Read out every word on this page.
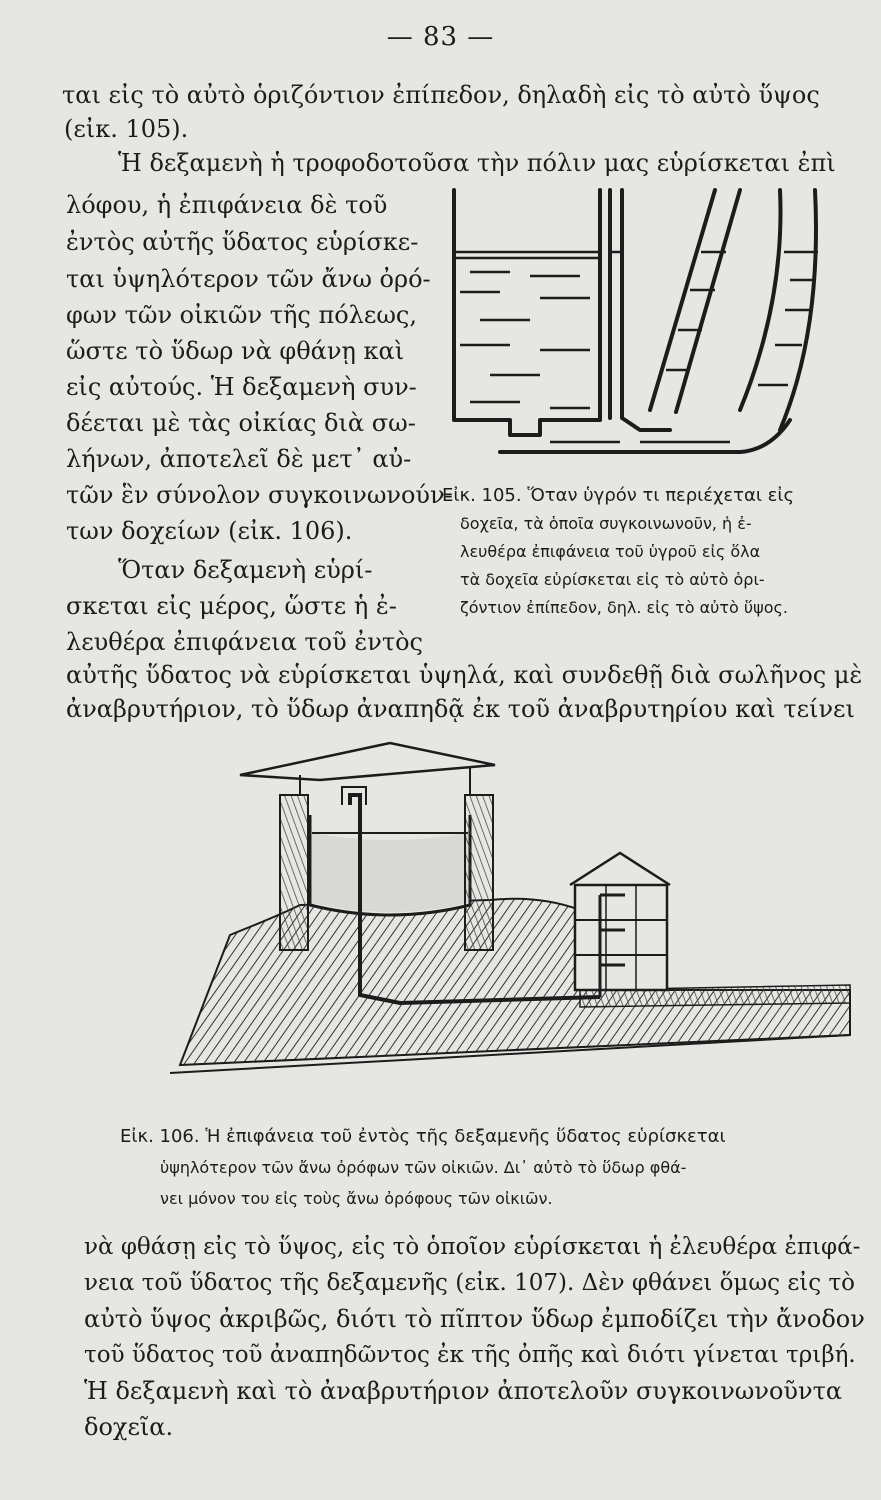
— 83 —
ται εἰς τὸ αὐτὸ ὁριζόντιον ἐπίπεδον, δηλαδὴ εἰς τὸ αὐτὸ ὕψος
(εἰκ. 105).
Ἡ δεξαμενὴ ἡ τροφοδοτοῦσα τὴν πόλιν μας εὑρίσκεται ἐπὶ
λόφου, ἡ ἐπιφάνεια δὲ τοῦ
ἐντὸς αὐτῆς ὕδατος εὑρίσκε-
ται ὑψηλότερον τῶν ἄνω ὀρό-
φων τῶν οἰκιῶν τῆς πόλεως,
ὥστε τὸ ὕδωρ νὰ φθάνῃ καὶ
εἰς αὐτούς. Ἡ δεξαμενὴ συν-
δέεται μὲ τὰς οἰκίας διὰ σω-
λήνων, ἀποτελεῖ δὲ μετ᾽ αὐ-
τῶν ἓν σύνολον συγκοινωνούν-
των δοχείων (εἰκ. 106).
Ὅταν δεξαμενὴ εὑρί-
σκεται εἰς μέρος, ὥστε ἡ ἐ-
λευθέρα ἐπιφάνεια τοῦ ἐντὸς
αὐτῆς ὕδατος νὰ εὑρίσκεται ὑψηλά, καὶ συνδεθῇ διὰ σωλῆνος μὲ
ἀναβρυτήριον, τὸ ὕδωρ ἀναπηδᾷ ἐκ τοῦ ἀναβρυτηρίου καὶ τείνει
Εἰκ. 105. Ὅταν ὑγρόν τι περιέχεται εἰς
δοχεῖα, τὰ ὁποῖα συγκοινωνοῦν, ἡ ἐ-
λευθέρα ἐπιφάνεια τοῦ ὑγροῦ εἰς ὅλα
τὰ δοχεῖα εὑρίσκεται εἰς τὸ αὐτὸ ὁρι-
ζόντιον ἐπίπεδον, δηλ. εἰς τὸ αὐτὸ ὕψος.
Εἰκ. 106. Ἡ ἐπιφάνεια τοῦ ἐντὸς τῆς δεξαμενῆς ὕδατος εὑρίσκεται
ὑψηλότερον τῶν ἄνω ὀρόφων τῶν οἰκιῶν. Δι᾽ αὐτὸ τὸ ὕδωρ φθά-
νει μόνον του εἰς τοὺς ἄνω ὀρόφους τῶν οἰκιῶν.
νὰ φθάσῃ εἰς τὸ ὕψος, εἰς τὸ ὁποῖον εὑρίσκεται ἡ ἐλευθέρα ἐπιφά-
νεια τοῦ ὕδατος τῆς δεξαμενῆς (εἰκ. 107). Δὲν φθάνει ὅμως εἰς τὸ
αὐτὸ ὕψος ἀκριβῶς, διότι τὸ πῖπτον ὕδωρ ἐμποδίζει τὴν ἄνοδον
τοῦ ὕδατος τοῦ ἀναπηδῶντος ἐκ τῆς ὀπῆς καὶ διότι γίνεται τριβή.
Ἡ δεξαμενὴ καὶ τὸ ἀναβρυτήριον ἀποτελοῦν συγκοινωνοῦντα
δοχεῖα.
